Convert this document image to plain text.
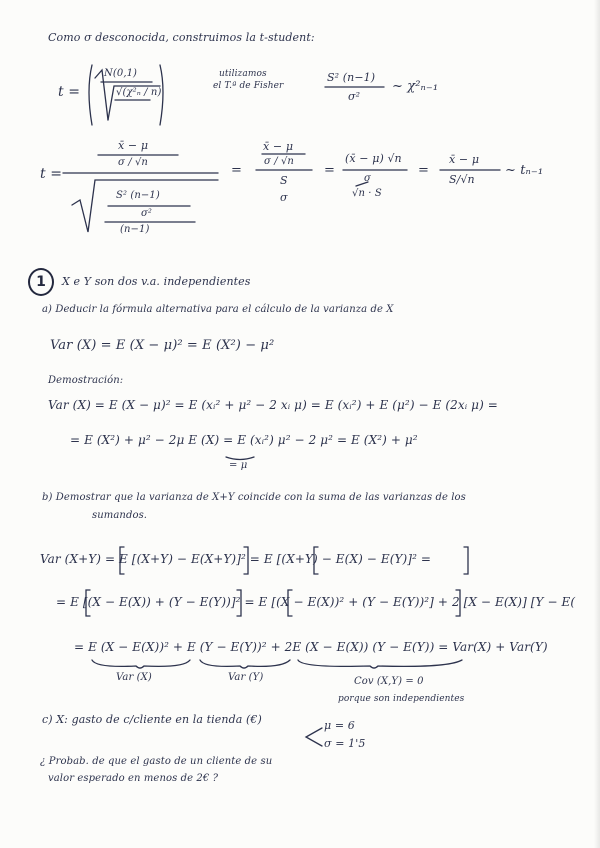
Como σ desconocida, construimos la t-student:
t =
N(0,1)
√(χ²ₙ / n)
utilizamos
el T.ª de Fisher
S² (n−1)
σ²
~ χ²ₙ₋₁
t =
x̄ − μ
σ / √n
S² (n−1)
σ²
(n−1)
=
x̄ − μ
σ / √n
S
σ
=
(x̄ − μ) √n
σ
√n · S
=
x̄ − μ
S/√n
~ tₙ₋₁
1	X e Y son dos v.a. independientes
a) Deducir la fórmula alternativa para el cálculo de la varianza de X
Var (X) = E (X − μ)² = E (X²) − μ²
Demostración:
Var (X) = E (X − μ)² = E (xᵢ² + μ² − 2 xᵢ μ) = E (xᵢ²) + E (μ²) − E (2xᵢ μ) =
= E (X²) + μ² − 2μ E (X) = E (xᵢ²) μ² − 2 μ² = E (X²) + μ²
= μ
b) Demostrar que la varianza de X+Y coincide con la suma de las varianzas de los
sumandos.
Var (X+Y) = E [(X+Y) − E(X+Y)]² = E [(X+Y) − E(X) − E(Y)]² =
= E [(X − E(X)) + (Y − E(Y))]² = E [(X − E(X))² + (Y − E(Y))²] + 2 [X − E(X)] [Y − E(
= E (X − E(X))² + E (Y − E(Y))² + 2E (X − E(X)) (Y − E(Y)) = Var(X) + Var(Y)
Var (X)	Var (Y)	Cov (X,Y) = 0
porque son independientes
c) X: gasto de c/cliente en la tienda (€)	μ = 6
σ = 1'5
¿ Probab. de que el gasto de un cliente de su
valor esperado en menos de 2€ ?
